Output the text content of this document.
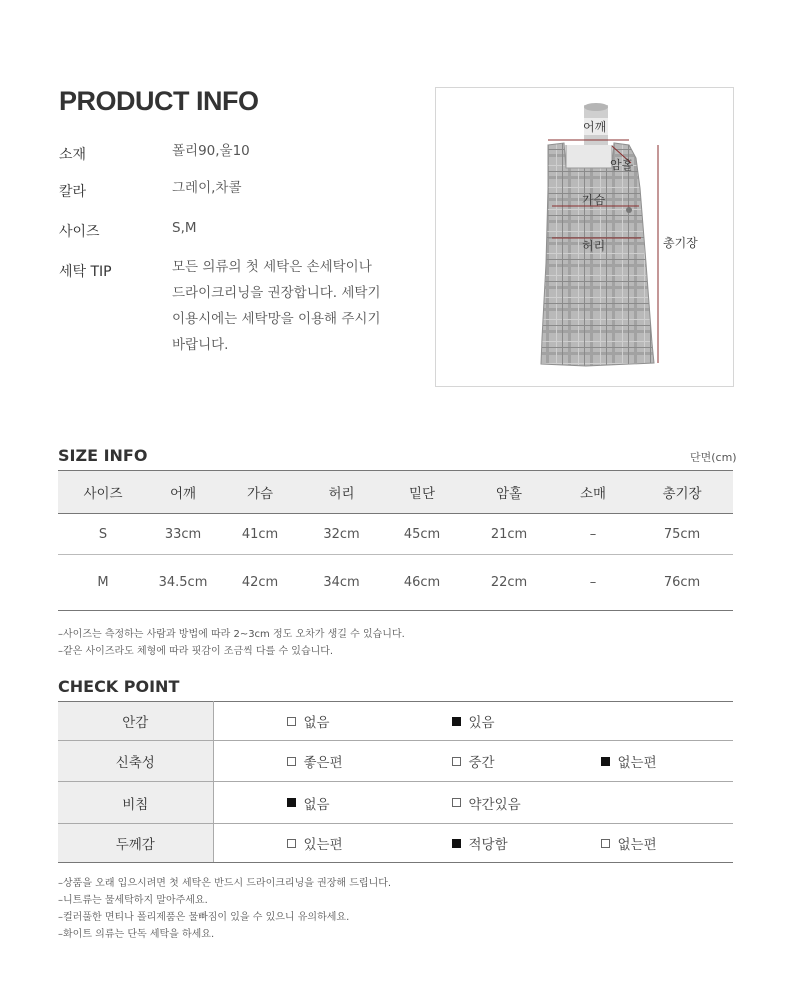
PRODUCT INFO
소재	폴리90,울10
칼라	그레이,차콜
사이즈	S,M
세탁 TIP	모든 의류의 첫 세탁은 손세탁이나
드라이크리닝을 권장합니다. 세탁기
이용시에는 세탁망을 이용해 주시기
바랍니다.
어깨
암홀
가슴
허리	총기장
SIZE INFO	단면(cm)
사이즈	어깨	가슴	허리	밑단	암홀	소매	총기장
S	33cm	41cm	32cm	45cm	21cm	–	75cm
M	34.5cm	42cm	34cm	46cm	22cm	–	76cm
–사이즈는 측정하는 사람과 방법에 따라 2~3cm 정도 오차가 생길 수 있습니다.
–같은 사이즈라도 체형에 따라 핏감이 조금씩 다를 수 있습니다.
CHECK POINT
안감	없음 있음

신축성	좋은편 중간 없는편

비침	없음 약간있음

두께감	있는편 적당함 없는편
–상품을 오래 입으시려면 첫 세탁은 반드시 드라이크리닝을 권장해 드립니다.
–니트류는 물세탁하지 말아주세요.
–컬러풀한 면티나 폴리제품은 물빠짐이 있을 수 있으니 유의하세요.
–화이트 의류는 단독 세탁을 하세요.
